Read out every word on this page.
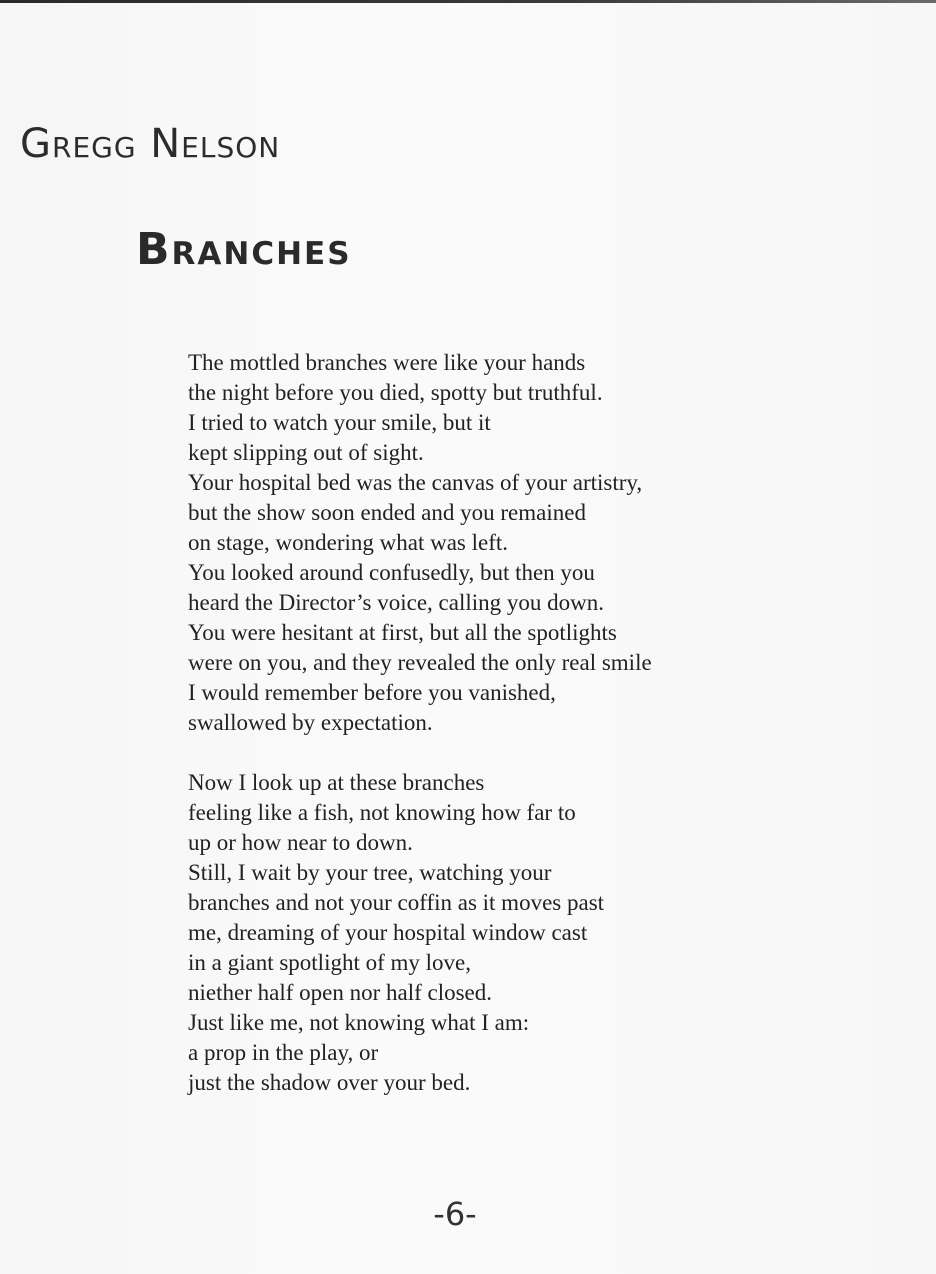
Gregg Nelson
Branches
The mottled branches were like your hands
the night before you died, spotty but truthful.
I tried to watch your smile, but it
kept slipping out of sight.
Your hospital bed was the canvas of your artistry,
but the show soon ended and you remained
on stage, wondering what was left.
You looked around confusedly, but then you
heard the Director’s voice, calling you down.
You were hesitant at first, but all the spotlights
were on you, and they revealed the only real smile
I would remember before you vanished,
swallowed by expectation.
Now I look up at these branches
feeling like a fish, not knowing how far to
up or how near to down.
Still, I wait by your tree, watching your
branches and not your coffin as it moves past
me, dreaming of your hospital window cast
in a giant spotlight of my love,
niether half open nor half closed.
Just like me, not knowing what I am:
a prop in the play, or
just the shadow over your bed.
-6-
